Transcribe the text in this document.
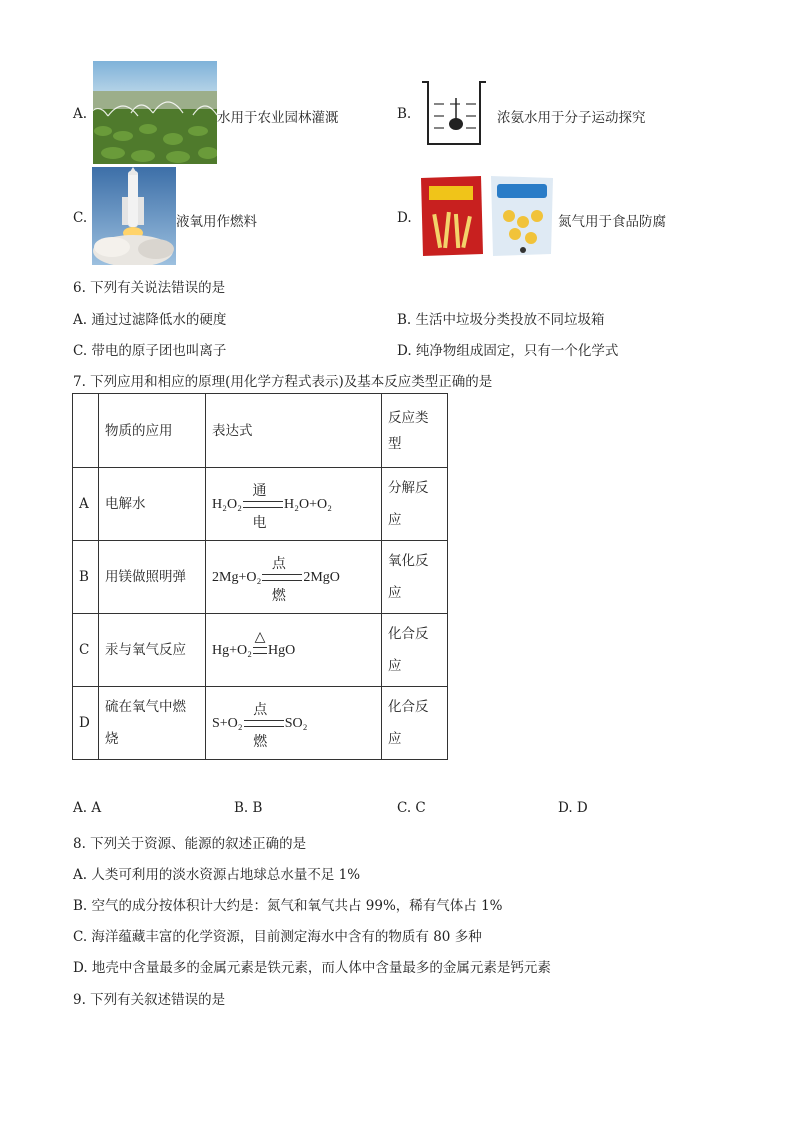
A.	水用于农业园林灌溉	B.	浓氨水用于分子运动探究
C.	液氧用作燃料	D.	氮气用于食品防腐
6. 下列有关说法错误的是
A. 通过过滤降低水的硬度	B. 生活中垃圾分类投放不同垃圾箱
C. 带电的原子团也叫离子	D. 纯净物组成固定，只有一个化学式
7. 下列应用和相应的原理(用化学方程式表示)及基本反应类型正确的是
	物质的应用	表达式	反应类型
A	电解水	H₂O₂
通电
H₂O+O₂	分解反应
B	用镁做照明弹	2Mg+O₂
点燃
2MgO	氧化反应
C	汞与氧气反应	Hg+O₂
△
HgO	化合反应
D	硫在氧气中燃烧	S+O₂
点燃
SO₂	化合反应
A. A	B. B	C. C	D. D
8. 下列关于资源、能源的叙述正确的是
A. 人类可利用的淡水资源占地球总水量不足 1%
B. 空气的成分按体积计大约是：氮气和氧气共占 99%，稀有气体占 1%
C. 海洋蕴藏丰富的化学资源，目前测定海水中含有的物质有 80 多种
D. 地壳中含量最多的金属元素是铁元素，而人体中含量最多的金属元素是钙元素
9. 下列有关叙述错误的是
